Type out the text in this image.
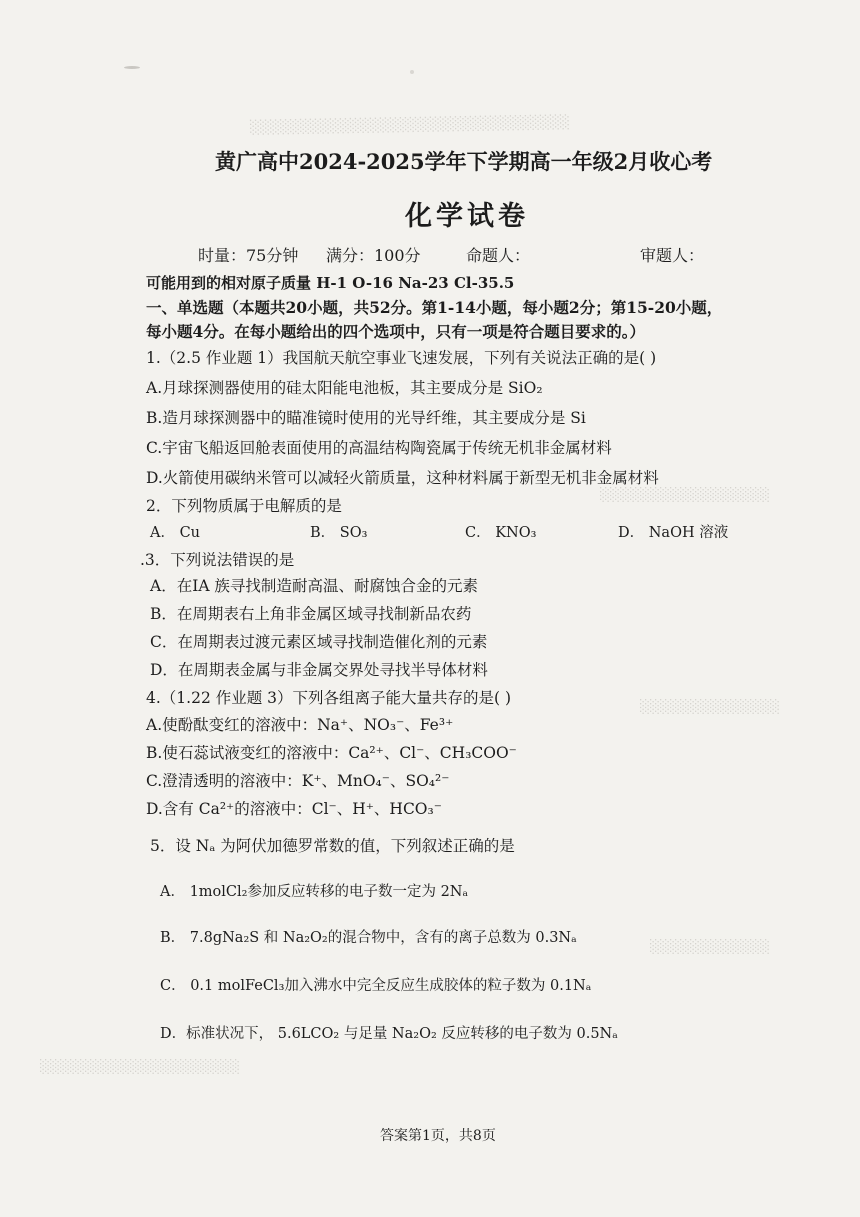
░░░░░░░░░░░░░░░░░░░░░░░░░░░░░░░░
░░░░░░░░░░░░░░░░░
░░░░░░░░░░░░░░
░░░░░░░░░░░░
░░░░░░░░░░░░░░░░░░░░
黄广高中2024-2025学年下学期高一年级2月收心考
化学试卷
时量：75分钟 满分：100分	命题人：	审题人：
可能用到的相对原子质量 H-1 O-16 Na-23 Cl-35.5
一、单选题（本题共20小题，共52分。第1-14小题，每小题2分；第15-20小题，
每小题4分。在每小题给出的四个选项中，只有一项是符合题目要求的。）
1.（2.5 作业题 1）我国航天航空事业飞速发展，下列有关说法正确的是( )
A.月球探测器使用的硅太阳能电池板，其主要成分是 SiO₂
B.造月球探测器中的瞄准镜时使用的光导纤维，其主要成分是 Si
C.宇宙飞船返回舱表面使用的高温结构陶瓷属于传统无机非金属材料
D.火箭使用碳纳米管可以减轻火箭质量，这种材料属于新型无机非金属材料
2．下列物质属于电解质的是
A． Cu	B． SO₃	C． KNO₃	D． NaOH 溶液
.3．下列说法错误的是
A．在IA 族寻找制造耐高温、耐腐蚀合金的元素
B．在周期表右上角非金属区域寻找制新品农药
C．在周期表过渡元素区域寻找制造催化剂的元素
D．在周期表金属与非金属交界处寻找半导体材料
4.（1.22 作业题 3）下列各组离子能大量共存的是( )
A.使酚酞变红的溶液中：Na⁺、NO₃⁻、Fe³⁺
B.使石蕊试液变红的溶液中：Ca²⁺、Cl⁻、CH₃COO⁻
C.澄清透明的溶液中：K⁺、MnO₄⁻、SO₄²⁻
D.含有 Ca²⁺的溶液中：Cl⁻、H⁺、HCO₃⁻
5．设 Nₐ 为阿伏加德罗常数的值，下列叙述正确的是
A． 1molCl₂参加反应转移的电子数一定为 2Nₐ
B． 7.8gNa₂S 和 Na₂O₂的混合物中，含有的离子总数为 0.3Nₐ
C． 0.1 molFeCl₃加入沸水中完全反应生成胶体的粒子数为 0.1Nₐ
D．标准状况下， 5.6LCO₂ 与足量 Na₂O₂ 反应转移的电子数为 0.5Nₐ
答案第1页，共8页
